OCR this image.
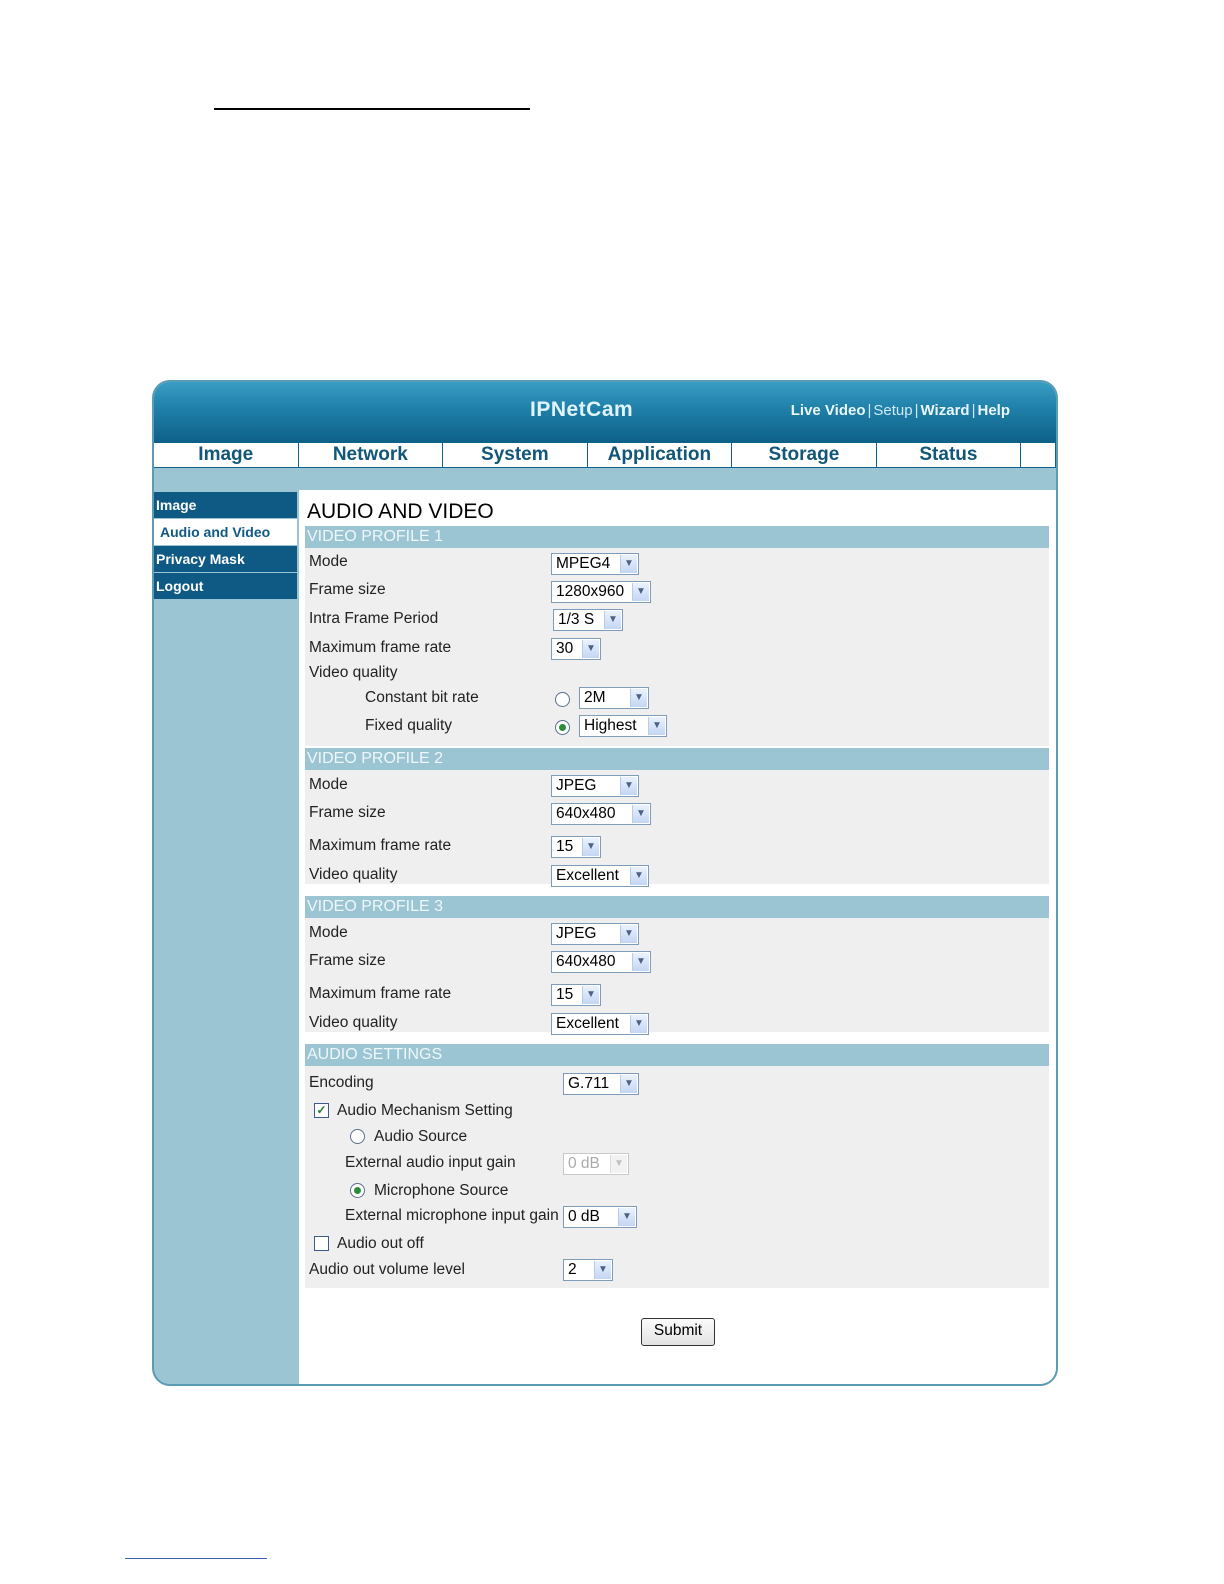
IPNetCam	Live Video | Setup | Wizard | Help
Image	Network	System	Application	Storage	Status
Image
Audio and Video
Privacy Mask
Logout
AUDIO AND VIDEO
VIDEO PROFILE 1
Mode	MPEG4	▼
Frame size	1280x960	▼
Intra Frame Period	1/3 S	▼
Maximum frame rate	30	▼
Video quality
Constant bit rate	2M	▼
Fixed quality	Highest	▼
VIDEO PROFILE 2
Mode	JPEG	▼
Frame size	640x480	▼
Maximum frame rate	15	▼
Video quality	Excellent	▼
VIDEO PROFILE 3
Mode	JPEG	▼
Frame size	640x480	▼
Maximum frame rate	15	▼
Video quality	Excellent	▼
AUDIO SETTINGS
Encoding	G.711	▼
✓ Audio Mechanism Setting
Audio Source
External audio input gain	0 dB	▼
Microphone Source
External microphone input gain 0 dB	▼
Audio out off
Audio out volume level	2	▼
Submit
